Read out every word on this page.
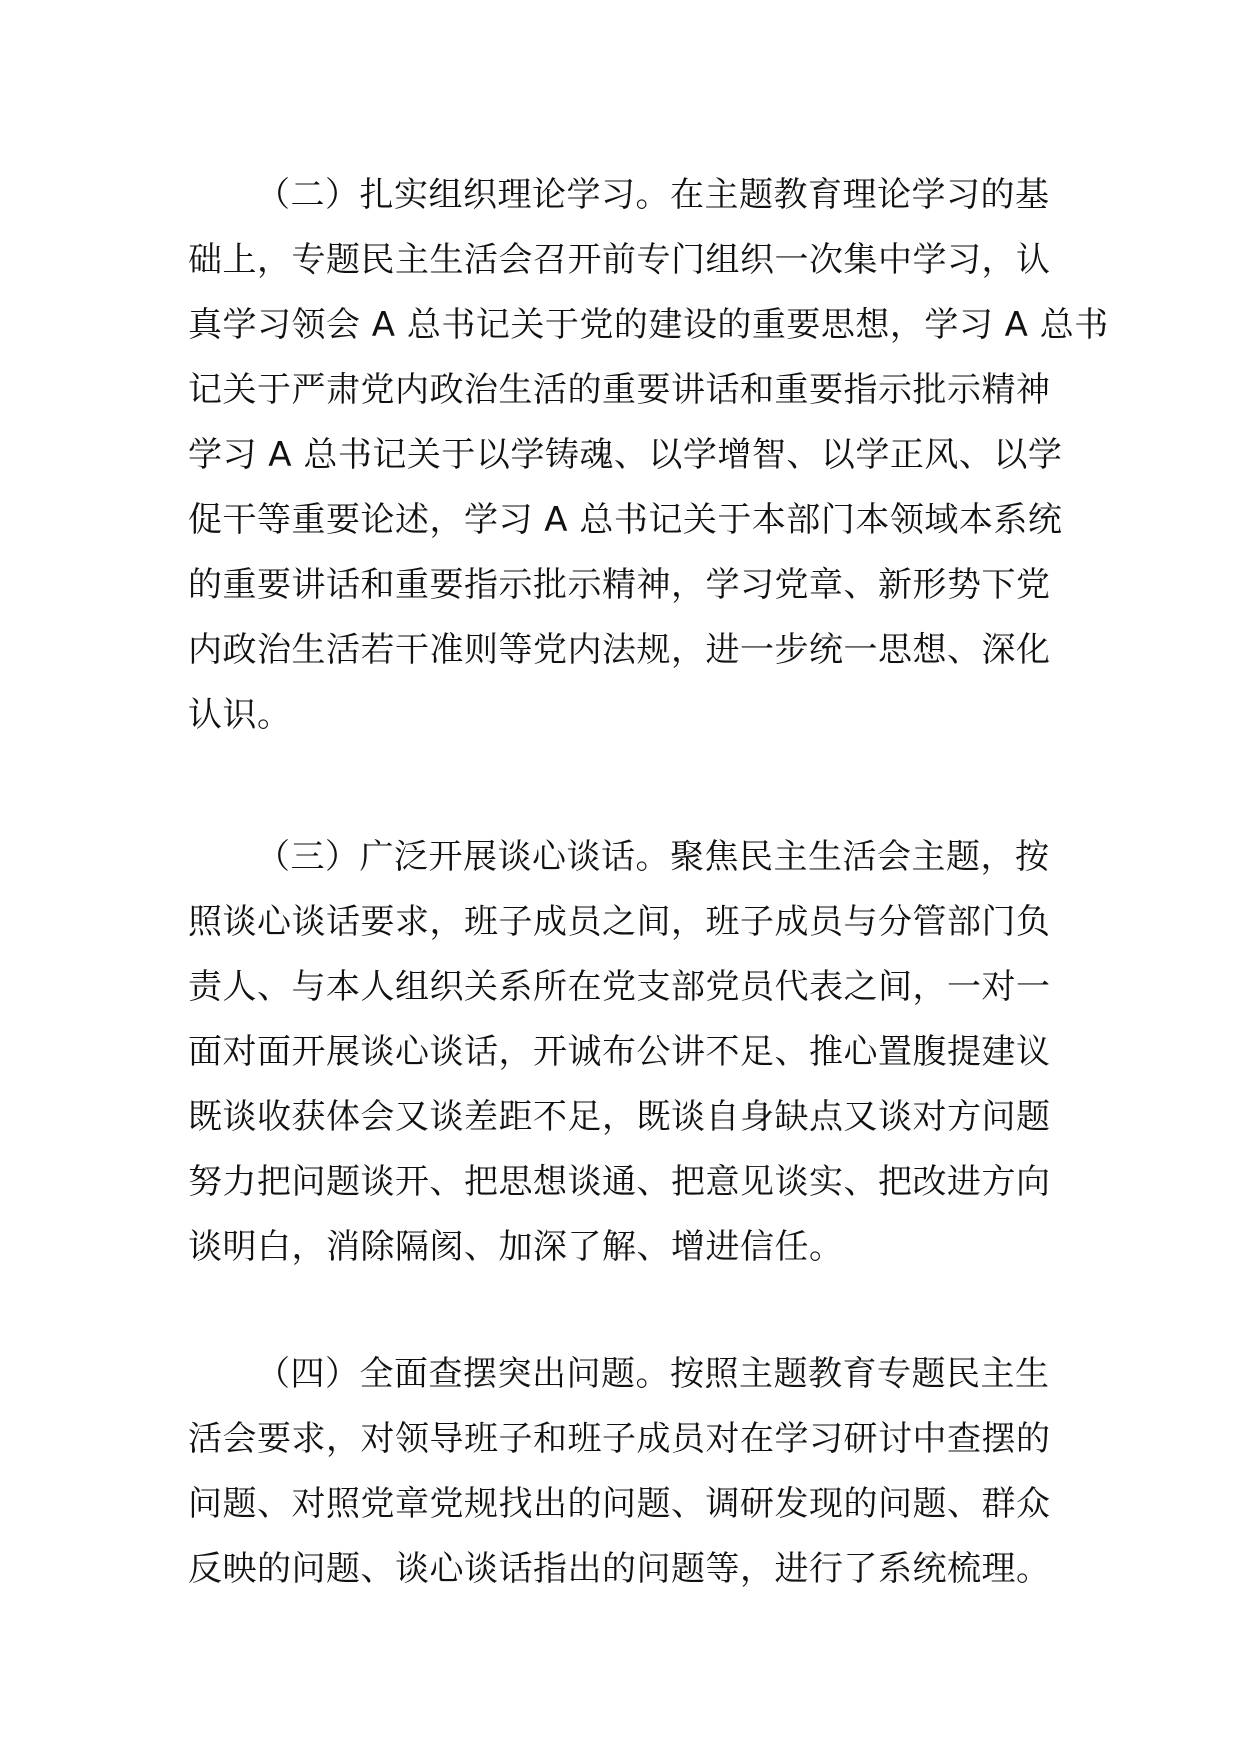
（二）扎实组织理论学习。在主题教育理论学习的基
础上，专题民主生活会召开前专门组织一次集中学习，认
真学习领会 A 总书记关于党的建设的重要思想，学习 A 总书
记关于严肃党内政治生活的重要讲话和重要指示批示精神
学习 A 总书记关于以学铸魂、以学增智、以学正风、以学
促干等重要论述，学习 A 总书记关于本部门本领域本系统
的重要讲话和重要指示批示精神，学习党章、新形势下党
内政治生活若干准则等党内法规，进一步统一思想、深化
认识。
（三）广泛开展谈心谈话。聚焦民主生活会主题，按
照谈心谈话要求，班子成员之间，班子成员与分管部门负
责人、与本人组织关系所在党支部党员代表之间，一对一
面对面开展谈心谈话，开诚布公讲不足、推心置腹提建议
既谈收获体会又谈差距不足，既谈自身缺点又谈对方问题
努力把问题谈开、把思想谈通、把意见谈实、把改进方向
谈明白，消除隔阂、加深了解、增进信任。
（四）全面查摆突出问题。按照主题教育专题民主生
活会要求，对领导班子和班子成员对在学习研讨中查摆的
问题、对照党章党规找出的问题、调研发现的问题、群众
反映的问题、谈心谈话指出的问题等，进行了系统梳理。
